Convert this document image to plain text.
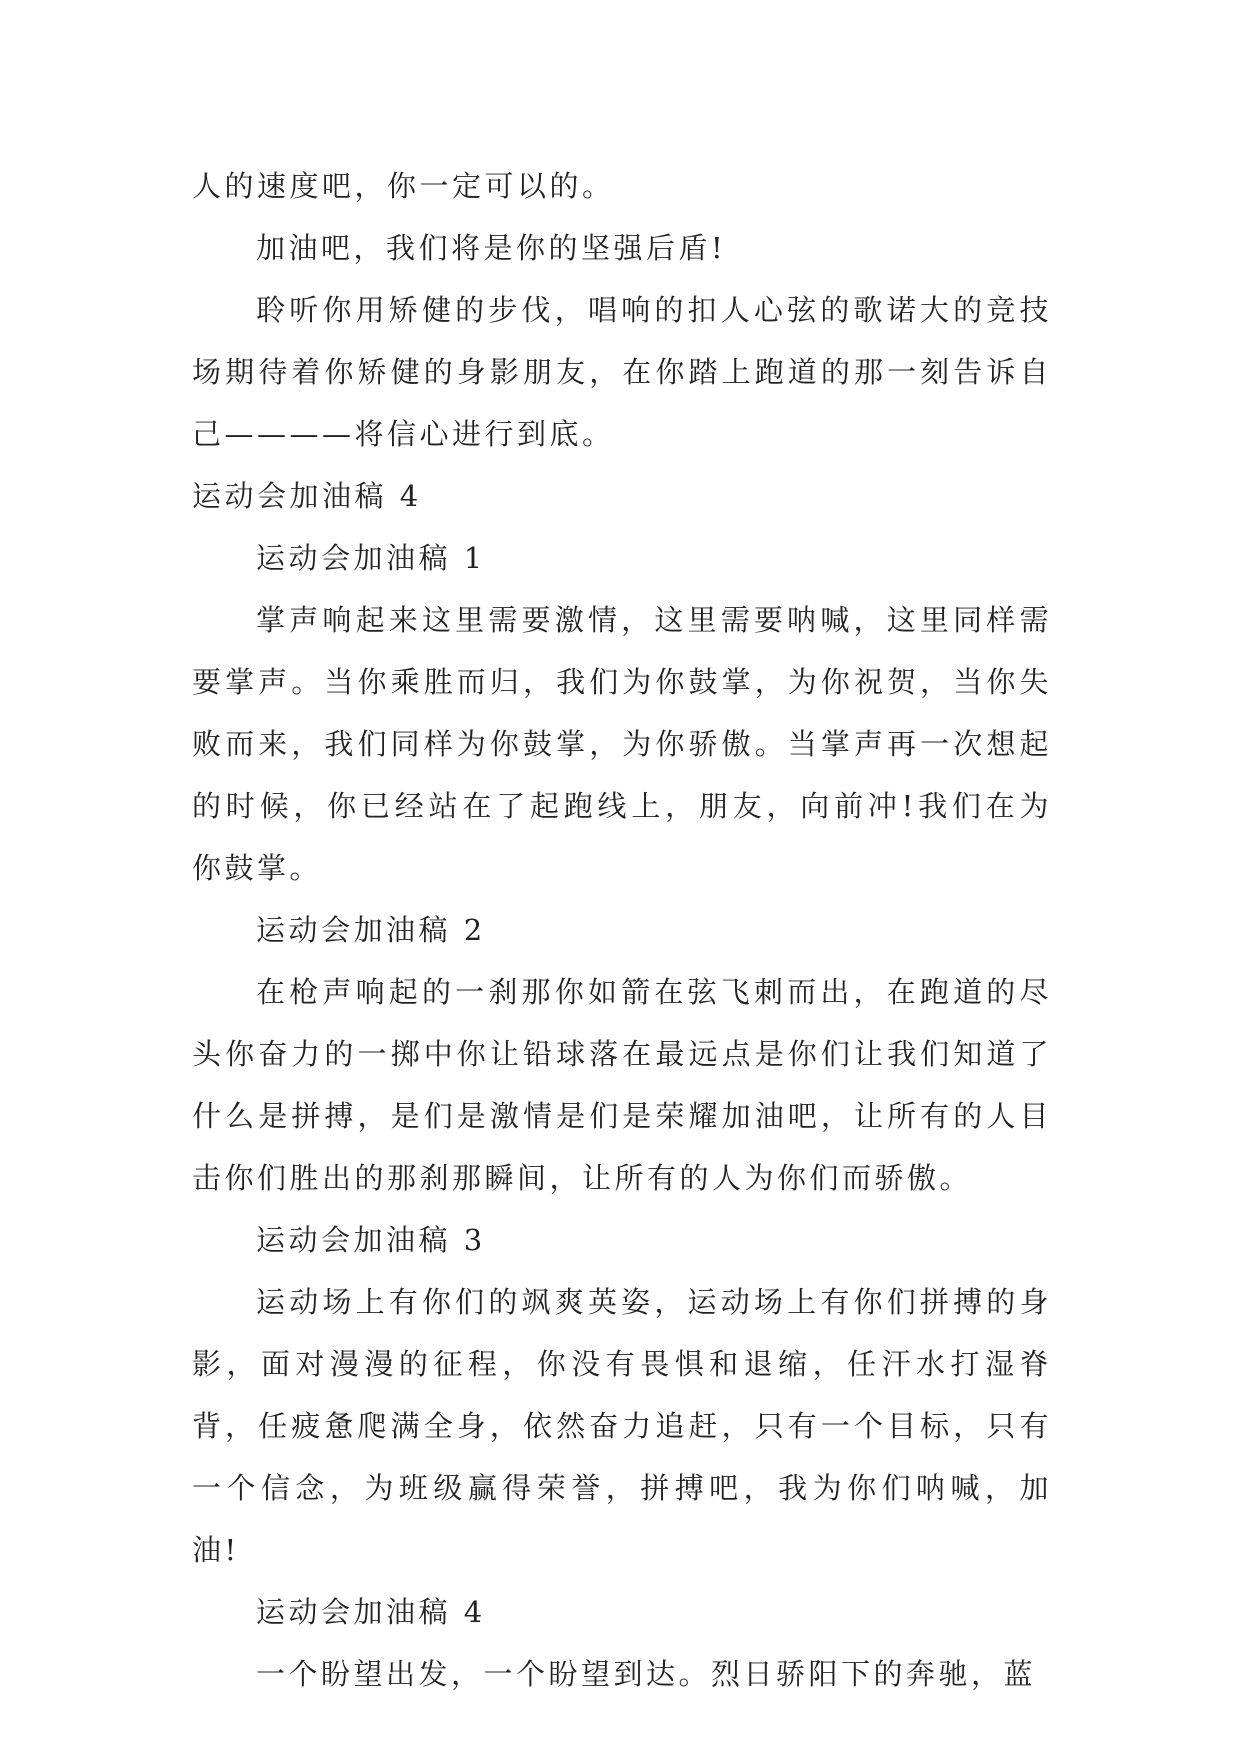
人的速度吧，你一定可以的。

加油吧，我们将是你的坚强后盾!

聆听你用矫健的步伐，唱响的扣人心弦的歌诺大的竞技场期待着你矫健的身影朋友，在你踏上跑道的那一刻告诉自己————将信心进行到底。

运动会加油稿 4

运动会加油稿 1

掌声响起来这里需要激情，这里需要呐喊，这里同样需要掌声。当你乘胜而归，我们为你鼓掌，为你祝贺，当你失败而来，我们同样为你鼓掌，为你骄傲。当掌声再一次想起的时候，你已经站在了起跑线上，朋友，向前冲!我们在为你鼓掌。

运动会加油稿 2

在枪声响起的一刹那你如箭在弦飞刺而出，在跑道的尽头你奋力的一掷中你让铅球落在最远点是你们让我们知道了什么是拼搏，是们是激情是们是荣耀加油吧，让所有的人目击你们胜出的那刹那瞬间，让所有的人为你们而骄傲。

运动会加油稿 3

运动场上有你们的飒爽英姿，运动场上有你们拼搏的身影，面对漫漫的征程，你没有畏惧和退缩，任汗水打湿脊背，任疲惫爬满全身，依然奋力追赶，只有一个目标，只有一个信念，为班级赢得荣誉，拼搏吧，我为你们呐喊，加油!

运动会加油稿 4

一个盼望出发，一个盼望到达。烈日骄阳下的奔驰，蓝
